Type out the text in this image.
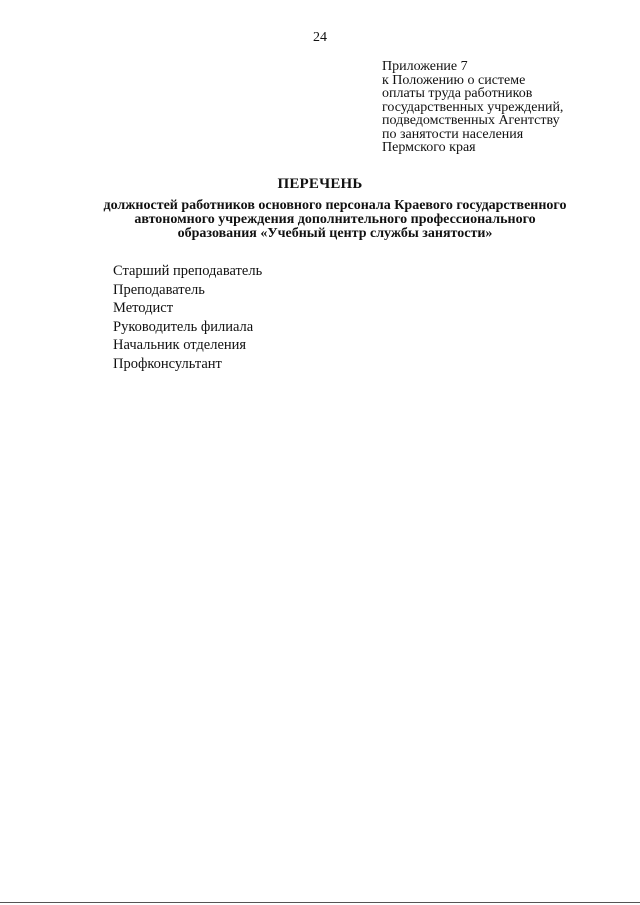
24
Приложение 7
к Положению о системе
оплаты труда работников
государственных учреждений,
подведомственных Агентству
по занятости населения
Пермского края
ПЕРЕЧЕНЬ
должностей работников основного персонала Краевого государственного
автономного учреждения дополнительного профессионального
образования «Учебный центр службы занятости»
Старший преподаватель
Преподаватель
Методист
Руководитель филиала
Начальник отделения
Профконсультант
